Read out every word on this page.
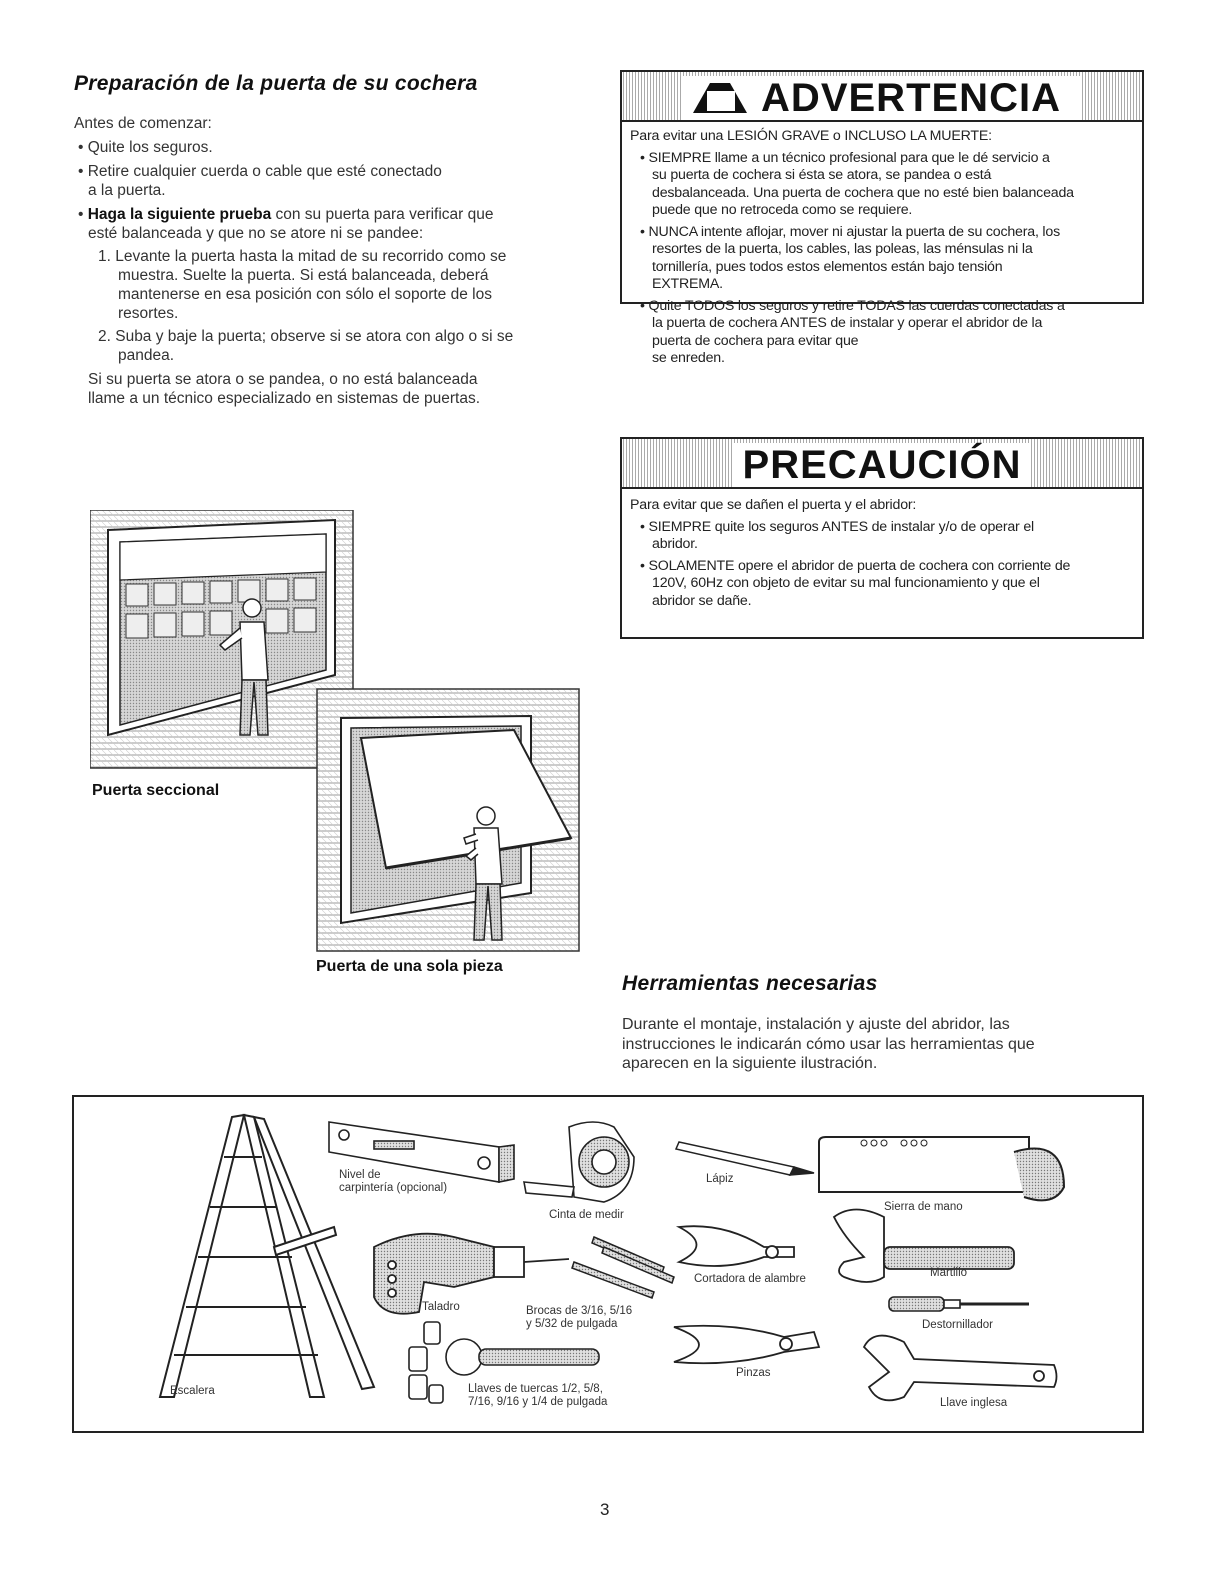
Preparación de la puerta de su cochera

Antes de comenzar:

• Quite los seguros.

• Retire cualquier cuerda o cable que esté conectado
a la puerta.

• Haga la siguiente prueba con su puerta para verificar que
esté balanceada y que no se atore ni se pandee:

1. Levante la puerta hasta la mitad de su recorrido como se
muestra. Suelte la puerta. Si está balanceada, deberá
mantenerse en esa posición con sólo el soporte de los
resortes.

2. Suba y baje la puerta; observe si se atora con algo o si se
pandea.

Si su puerta se atora o se pandea, o no está balanceada
llame a un técnico especializado en sistemas de puertas.

Puerta seccional
Puerta de una sola pieza
! ADVERTENCIA

Para evitar una LESIÓN GRAVE o INCLUSO LA MUERTE:

• SIEMPRE llame a un técnico profesional para que le dé servicio a
su puerta de cochera si ésta se atora, se pandea o está
desbalanceada. Una puerta de cochera que no esté bien balanceada
puede que no retroceda como se requiere.

• NUNCA intente aflojar, mover ni ajustar la puerta de su cochera, los
resortes de la puerta, los cables, las poleas, las ménsulas ni la
tornillería, pues todos estos elementos están bajo tensión
EXTREMA.

• Quite TODOS los seguros y retire TODAS las cuerdas conectadas a
la puerta de cochera ANTES de instalar y operar el abridor de la
puerta de cochera para evitar que
se enreden.

PRECAUCIÓN

Para evitar que se dañen el puerta y el abridor:

• SIEMPRE quite los seguros ANTES de instalar y/o de operar el
abridor.

• SOLAMENTE opere el abridor de puerta de cochera con corriente de
120V, 60Hz con objeto de evitar su mal funcionamiento y que el
abridor se dañe.

Herramientas necesarias
Durante el montaje, instalación y ajuste del abridor, las
instrucciones le indicarán cómo usar las herramientas que
aparecen en la siguiente ilustración.
Nivel de
carpintería (opcional)
Cinta de medir
Lápiz
Sierra de mano
Taladro	Brocas de 3/16, 5/16
y 5/32 de pulgada
Cortadora de alambre	Martillo
Destornillador
Pinzas
Escalera	Llaves de tuercas 1/2, 5/8,
7/16, 9/16 y 1/4 de pulgada	Llave inglesa
3
